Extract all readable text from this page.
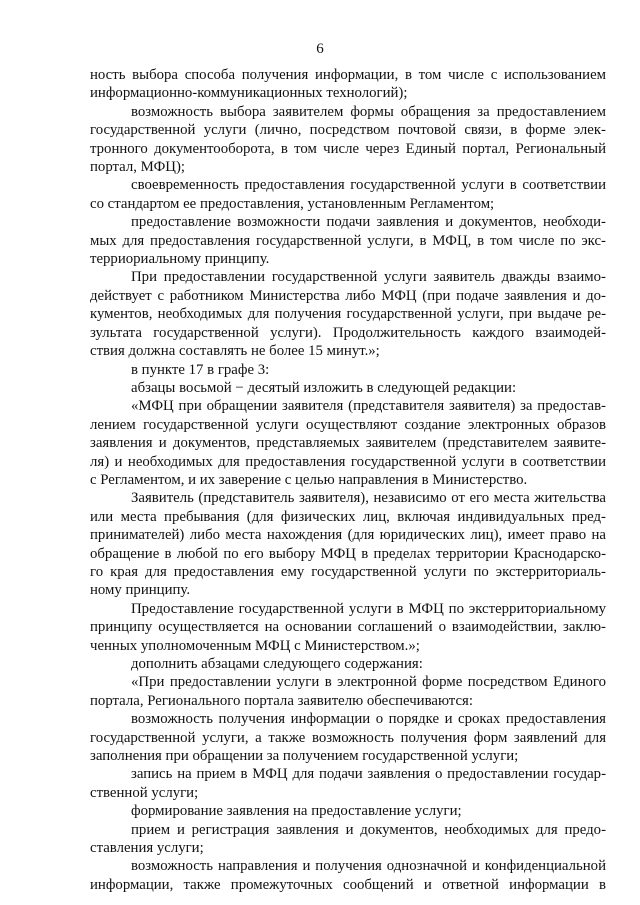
6

ность выбора способа получения информации, в том числе с использованием

информационно-коммуникационных технологий);

возможность выбора заявителем формы обращения за предоставлением

государственной услуги (лично, посредством почтовой связи, в форме элек-

тронного документооборота, в том числе через Единый портал, Региональный

портал, МФЦ);

своевременность предоставления государственной услуги в соответствии

со стандартом ее предоставления, установленным Регламентом;

предоставление возможности подачи заявления и документов, необходи-

мых для предоставления государственной услуги, в МФЦ, в том числе по экс-

терриориальному принципу.

При предоставлении государственной услуги заявитель дважды взаимо-

действует с работником Министерства либо МФЦ (при подаче заявления и до-

кументов, необходимых для получения государственной услуги, при выдаче ре-

зультата государственной услуги). Продолжительность каждого взаимодей-

ствия должна составлять не более 15 минут.»;

в пункте 17 в графе 3:

абзацы восьмой − десятый изложить в следующей редакции:

«МФЦ при обращении заявителя (представителя заявителя) за предостав-

лением государственной услуги осуществляют создание электронных образов

заявления и документов, представляемых заявителем (представителем заявите-

ля) и необходимых для предоставления государственной услуги в соответствии

с Регламентом, и их заверение с целью направления в Министерство.

Заявитель (представитель заявителя), независимо от его места жительства

или места пребывания (для физических лиц, включая индивидуальных пред-

принимателей) либо места нахождения (для юридических лиц), имеет право на

обращение в любой по его выбору МФЦ в пределах территории Краснодарско-

го края для предоставления ему государственной услуги по экстерриториаль-

ному принципу.

Предоставление государственной услуги в МФЦ по экстерриториальному

принципу осуществляется на основании соглашений о взаимодействии, заклю-

ченных уполномоченным МФЦ с Министерством.»;

дополнить абзацами следующего содержания:

«При предоставлении услуги в электронной форме посредством Единого

портала, Регионального портала заявителю обеспечиваются:

возможность получения информации о порядке и сроках предоставления

государственной услуги, а также возможность получения форм заявлений для

заполнения при обращении за получением государственной услуги;

запись на прием в МФЦ для подачи заявления о предоставлении государ-

ственной услуги;

формирование заявления на предоставление услуги;

прием и регистрация заявления и документов, необходимых для предо-

ставления услуги;

возможность направления и получения однозначной и конфиденциальной

информации, также промежуточных сообщений и ответной информации в
